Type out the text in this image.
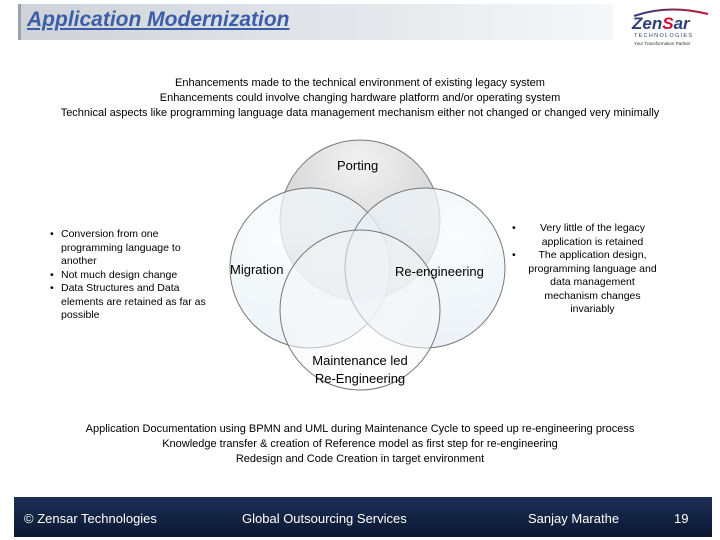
Application Modernization	ZenSar
TECHNOLOGIES
Your Transformation Partner
Enhancements made to the technical environment of existing legacy system
Enhancements could involve changing hardware platform and/or operating system
Technical aspects like programming language data management mechanism either not changed or changed very minimally
Porting
Migration	Re-engineering
Maintenance led
Re-Engineering
• Conversion from one programming language to another
• Not much design change
• Data Structures and Data elements are retained as far as possible
• Very little of the legacy application is retained
• The application design, programming language and data management mechanism changes invariably
Application Documentation using BPMN and UML during Maintenance Cycle to speed up re-engineering process
Knowledge transfer & creation of Reference model as first step for re-engineering
Redesign and Code Creation in target environment
© Zensar Technologies	Global Outsourcing Services	Sanjay Marathe	19
